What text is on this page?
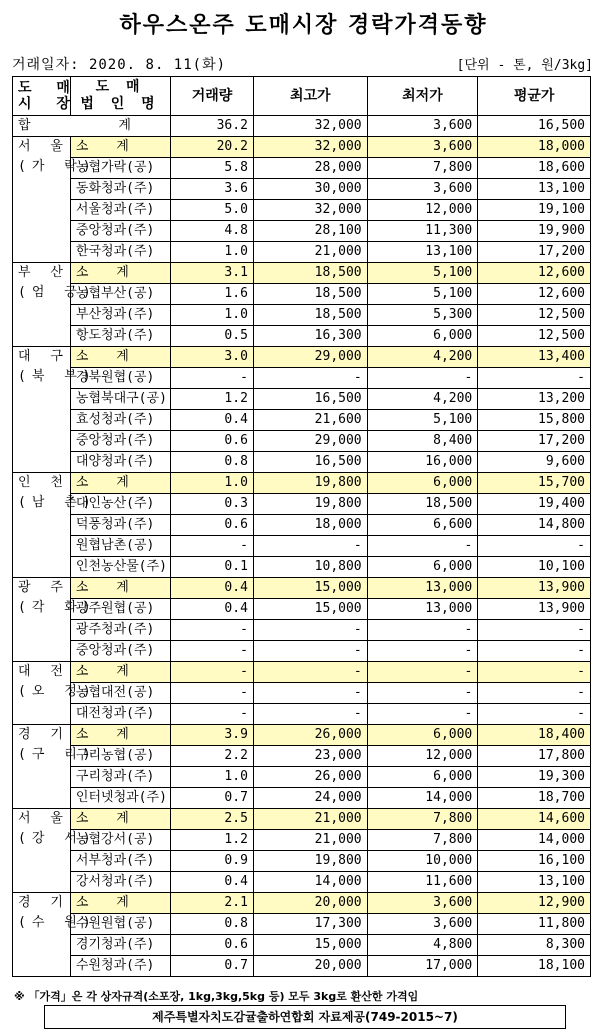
하우스온주 도매시장 경락가격동향
거래일자: 2020. 8. 11(화)	[단위 - 톤, 원/3kg]
도 매
시 장	도 매
법 인 명	거래량	최고가	최저가	평균가
합 계		36.2	32,000	3,600	16,500

서 울
(가 락)	소 계	20.2	32,000	3,600	18,000
	농협가락(공)	5.8	28,000	7,800	18,600
	동화청과(주)	3.6	30,000	3,600	13,100
	서울청과(주)	5.0	32,000	12,000	19,100
	중앙청과(주)	4.8	28,100	11,300	19,900
	한국청과(주)	1.0	21,000	13,100	17,200

부 산
(엄 궁)	소 계	3.1	18,500	5,100	12,600
	농협부산(공)	1.6	18,500	5,100	12,600
	부산청과(주)	1.0	18,500	5,300	12,500
	항도청과(주)	0.5	16,300	6,000	12,500

대 구
(북 부)	소 계	3.0	29,000	4,200	13,400
	경북원협(공)	-	-	-	-
	농협북대구(공)	1.2	16,500	4,200	13,200
	효성청과(주)	0.4	21,600	5,100	15,800
	중앙청과(주)	0.6	29,000	8,400	17,200
	대양청과(주)	0.8	16,500	16,000	9,600

인 천
(남 촌)	소 계	1.0	19,800	6,000	15,700
	대인농산(주)	0.3	19,800	18,500	19,400
	덕풍청과(주)	0.6	18,000	6,600	14,800
	원협남촌(공)	-	-	-	-
	인천농산물(주)	0.1	10,800	6,000	10,100

광 주
(각 화)	소 계	0.4	15,000	13,000	13,900
	광주원협(공)	0.4	15,000	13,000	13,900
	광주청과(주)	-	-	-	-
	중앙청과(주)	-	-	-	-

대 전
(오 정)	소 계	-	-	-	-
	농협대전(공)	-	-	-	-
	대전청과(주)	-	-	-	-

경 기
(구 리)	소 계	3.9	26,000	6,000	18,400
	구리농협(공)	2.2	23,000	12,000	17,800
	구리청과(주)	1.0	26,000	6,000	19,300
	인터넷청과(주)	0.7	24,000	14,000	18,700

서 울
(강 서)	소 계	2.5	21,000	7,800	14,600
	농협강서(공)	1.2	21,000	7,800	14,000
	서부청과(주)	0.9	19,800	10,000	16,100
	강서청과(주)	0.4	14,000	11,600	13,100

경 기
(수 원)	소 계	2.1	20,000	3,600	12,900
	수원원협(공)	0.8	17,300	3,600	11,800
	경기청과(주)	0.6	15,000	4,800	8,300
	수원청과(주)	0.7	20,000	17,000	18,100
※ 「가격」은 각 상자규격(소포장, 1kg,3kg,5kg 등) 모두 3kg로 환산한 가격임
제주특별자치도감귤출하연합회 자료제공(749-2015~7)
